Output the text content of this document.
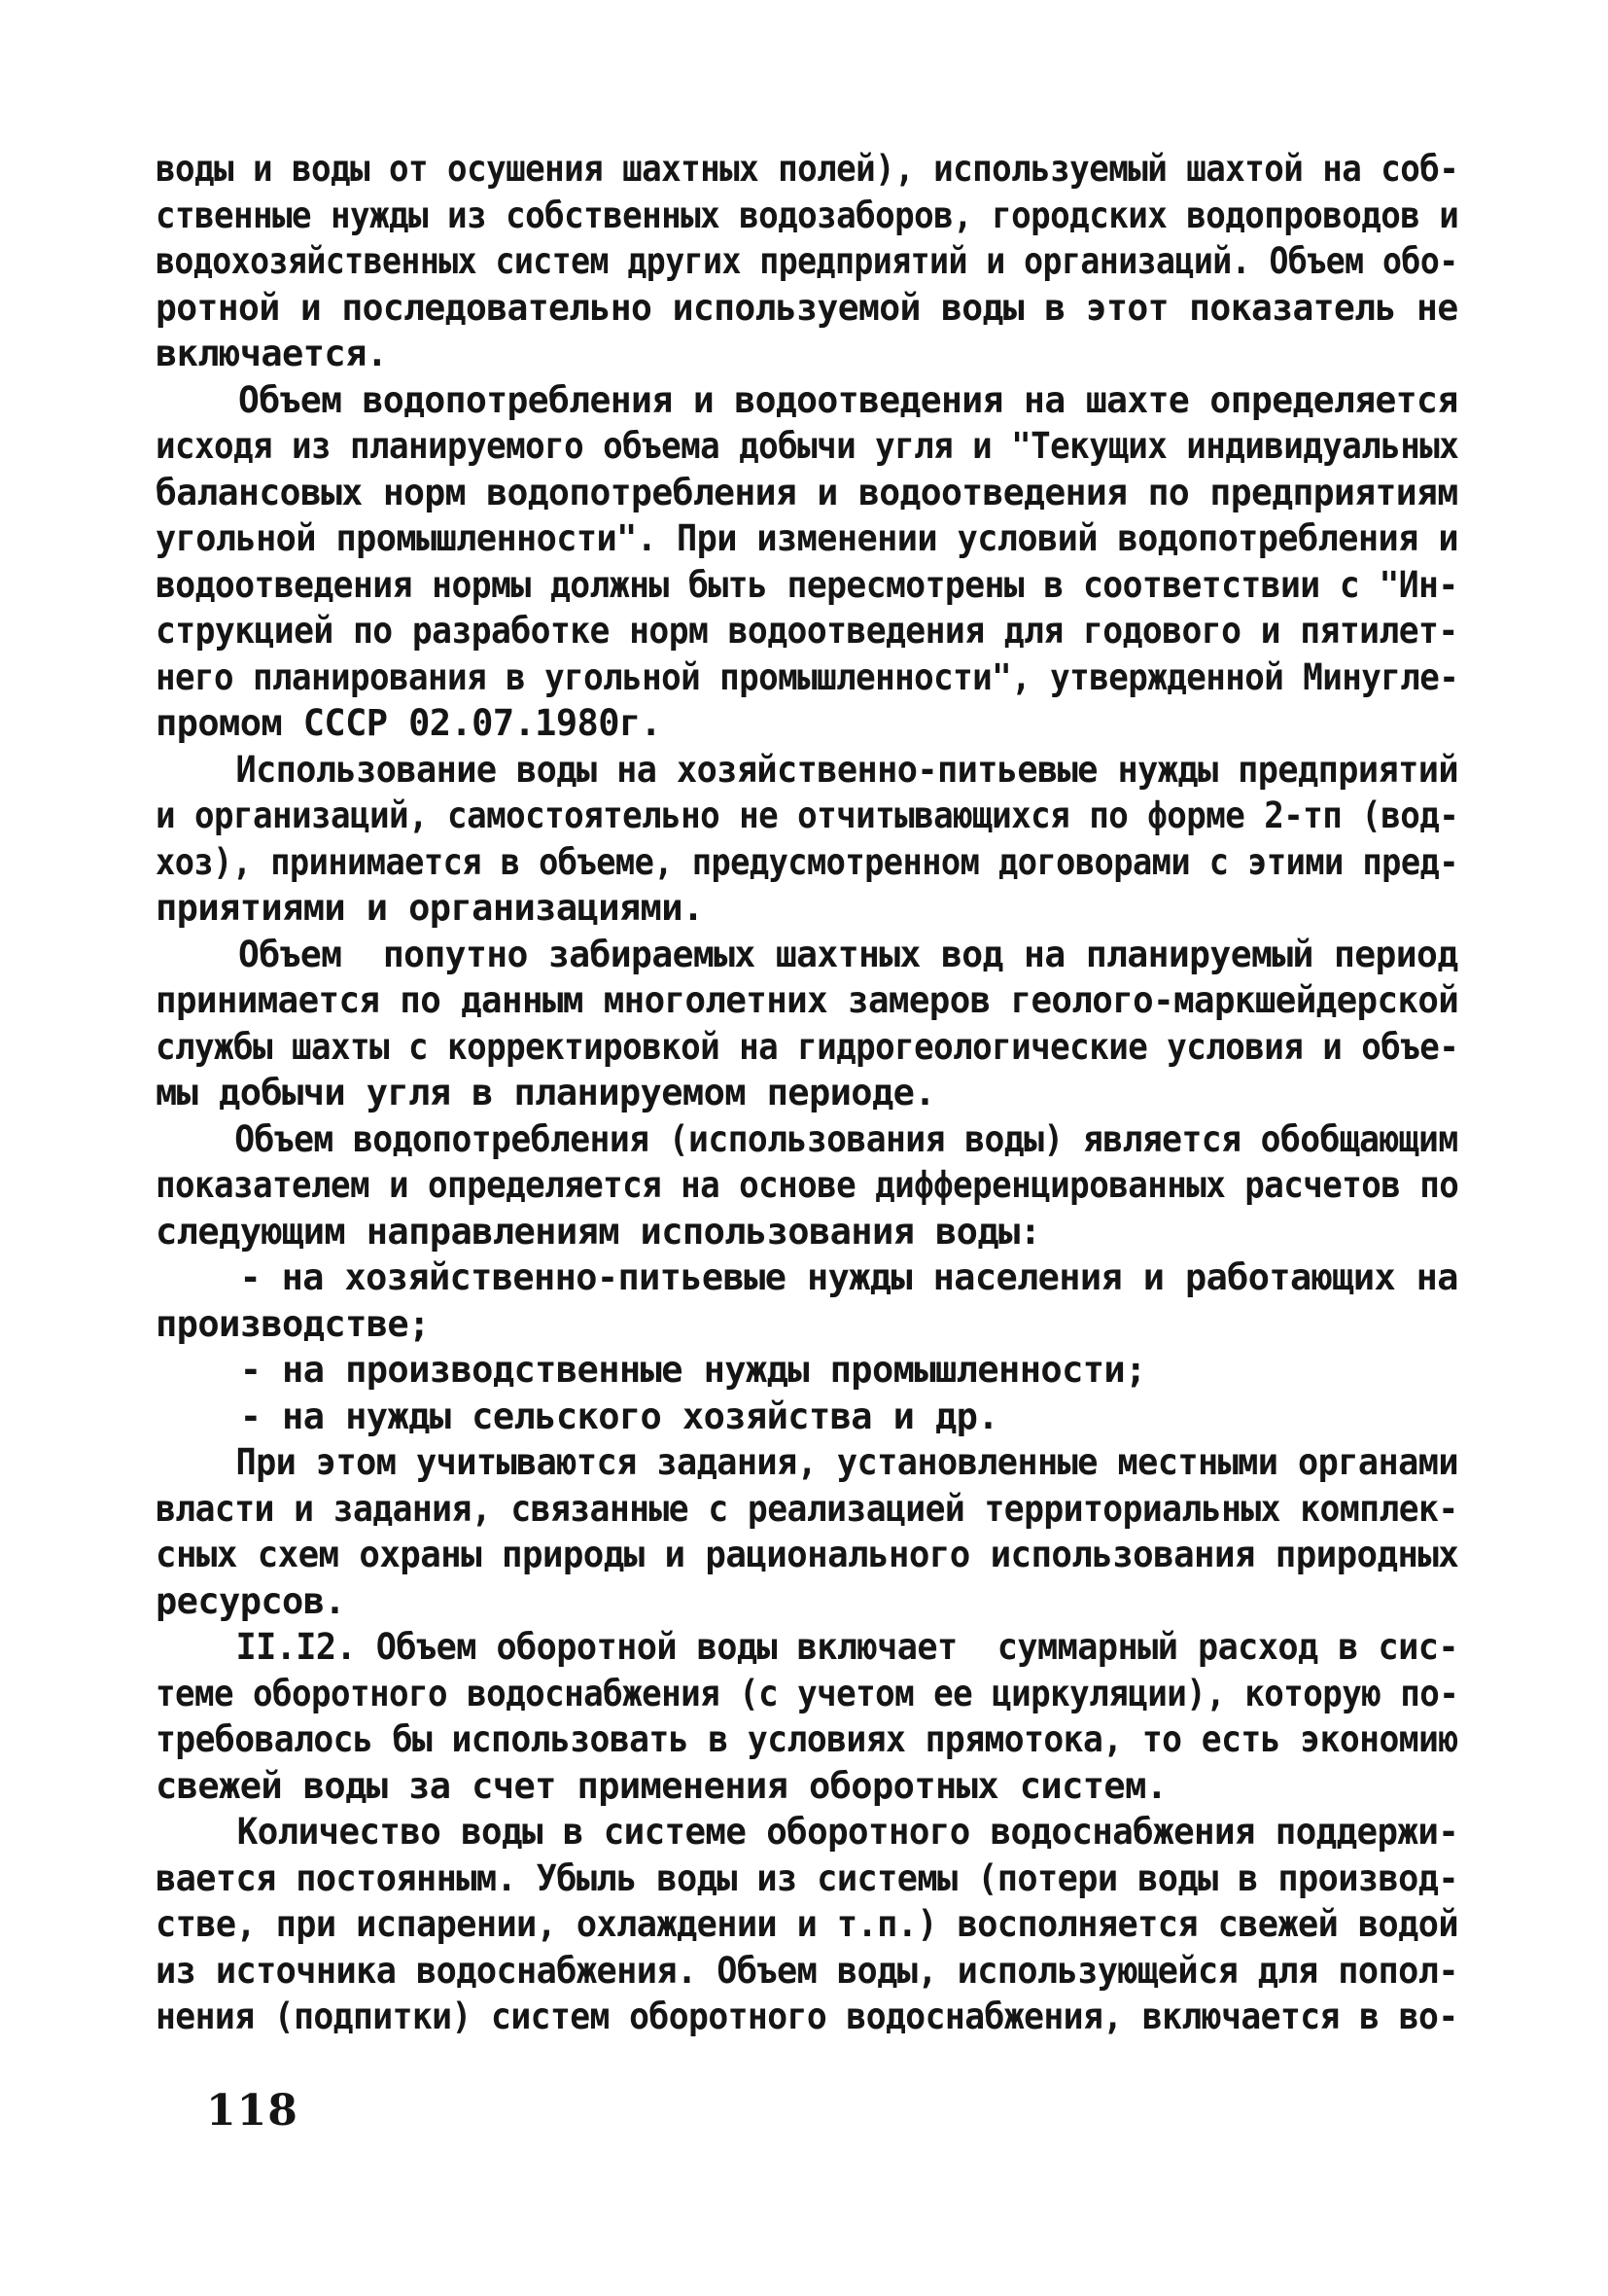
воды и воды от осушения шахтных полей), используемый шахтой на соб-
ственные нужды из собственных водозаборов, городских водопроводов и
водохозяйственных систем других предприятий и организаций. Объем обо-
ротной и последовательно используемой воды в этот показатель не
включается.
Объем водопотребления и водоотведения на шахте определяется
исходя из планируемого объема добычи угля и "Текущих индивидуальных
балансовых норм водопотребления и водоотведения по предприятиям
угольной промышленности". При изменении условий водопотребления и
водоотведения нормы должны быть пересмотрены в соответствии с "Ин-
струкцией по разработке норм водоотведения для годового и пятилет-
него планирования в угольной промышленности", утвержденной Минугле-
промом СССР 02.07.1980г.
Использование воды на хозяйственно-питьевые нужды предприятий
и организаций, самостоятельно не отчитывающихся по форме 2-тп (вод-
хоз), принимается в объеме, предусмотренном договорами с этими пред-
приятиями и организациями.
Объем  попутно забираемых шахтных вод на планируемый период
принимается по данным многолетних замеров геолого-маркшейдерской
службы шахты с корректировкой на гидрогеологические условия и объе-
мы добычи угля в планируемом периоде.
Объем водопотребления (использования воды) является обобщающим
показателем и определяется на основе дифференцированных расчетов по
следующим направлениям использования воды:
- на хозяйственно-питьевые нужды населения и работающих на
производстве;
- на производственные нужды промышленности;
- на нужды сельского хозяйства и др.
При этом учитываются задания, установленные местными органами
власти и задания, связанные с реализацией территориальных комплек-
сных схем охраны природы и рационального использования природных
ресурсов.
II.I2. Объем оборотной воды включает  суммарный расход в сис-
теме оборотного водоснабжения (с учетом ее циркуляции), которую по-
требовалось бы использовать в условиях прямотока, то есть экономию
свежей воды за счет применения оборотных систем.
Количество воды в системе оборотного водоснабжения поддержи-
вается постоянным. Убыль воды из системы (потери воды в производ-
стве, при испарении, охлаждении и т.п.) восполняется свежей водой
из источника водоснабжения. Объем воды, использующейся для попол-
нения (подпитки) систем оборотного водоснабжения, включается в во-
118
